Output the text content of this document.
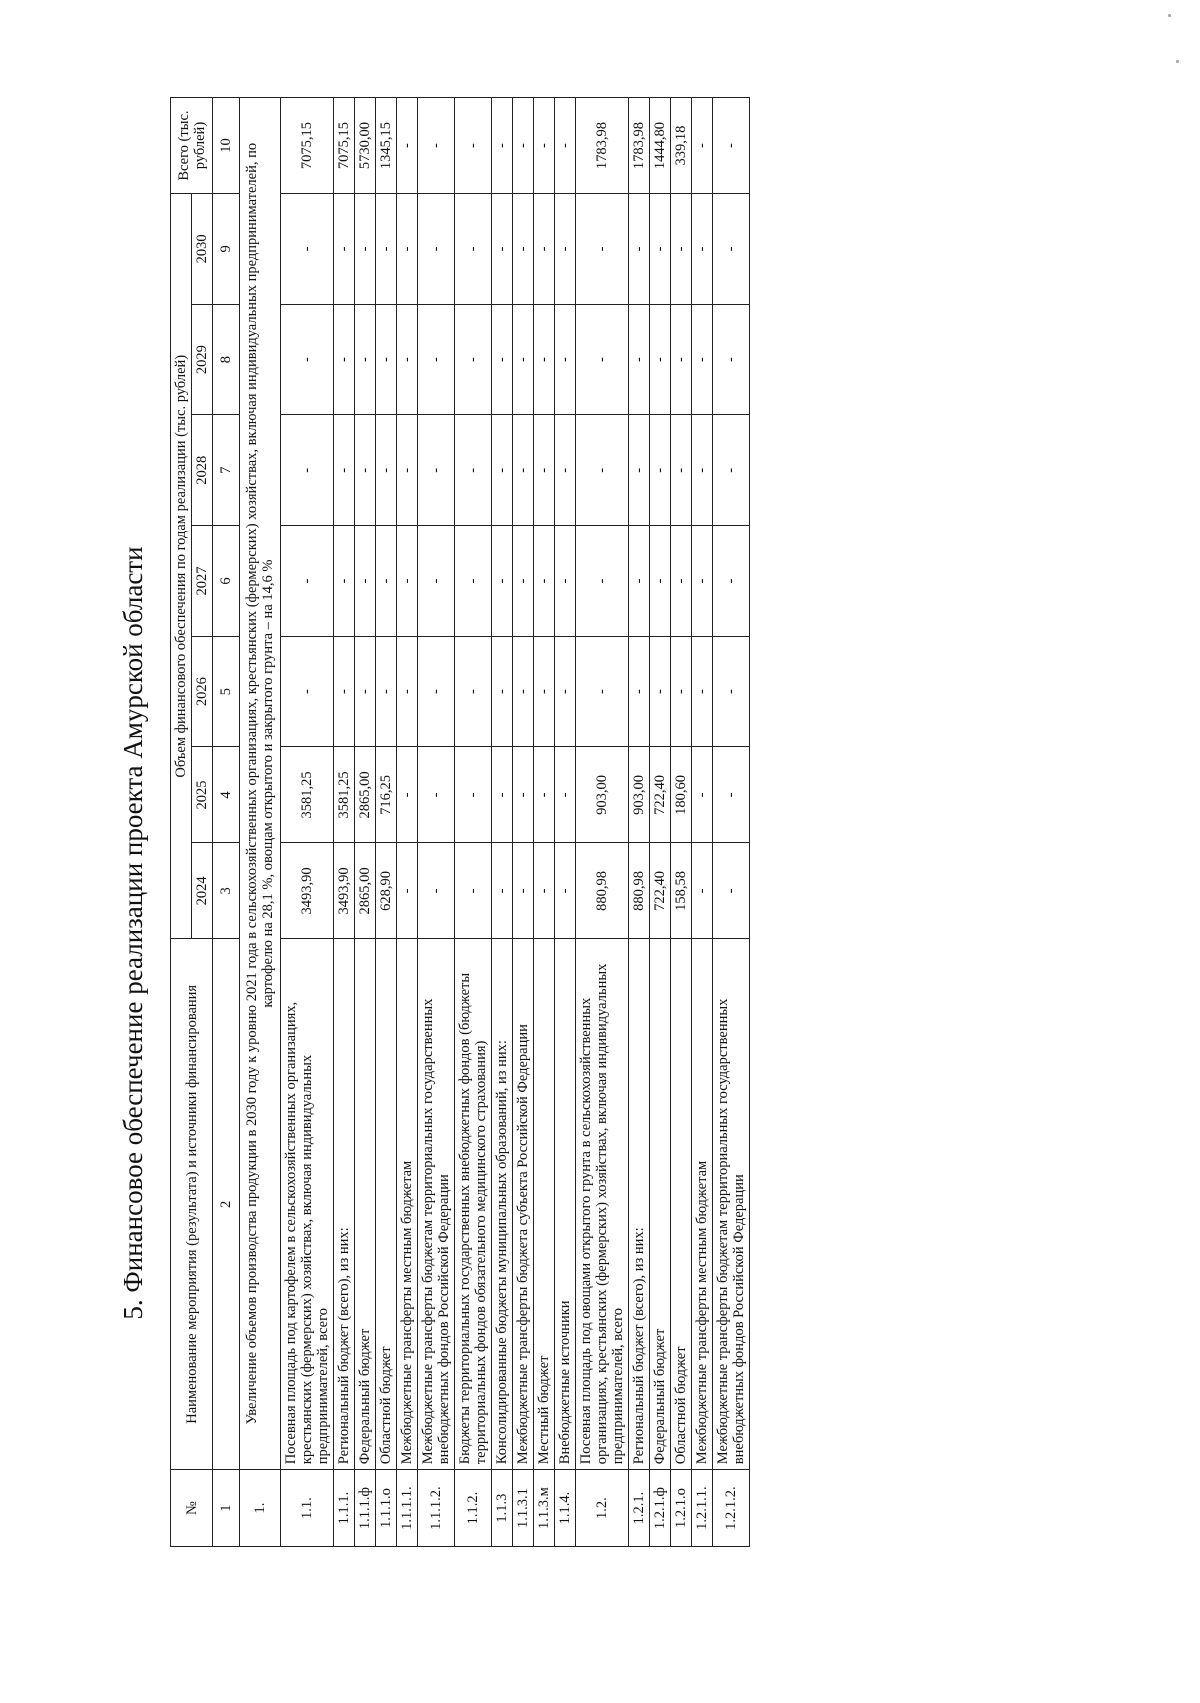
5. Финансовое обеспечение реализации проекта Амурской области
№	Наименование мероприятия (результата) и источники финансирования	Объем финансового обеспечения по годам реализации (тыс. рублей)							Всего (тыс. рублей)
		2024	2025	2026	2027	2028	2029	2030	
1	2	3	4	5	6	7	8	9	10
1.	Увеличение объемов производства продукции в 2030 году к уровню 2021 года в сельскохозяйственных организациях, крестьянских (фермерских) хозяйствах, включая индивидуальных предпринимателей, по картофелю на 28,1 %, овощам открытого и закрытого грунта – на 14,6 %								
1.1.	Посевная площадь под картофелем в сельскохозяйственных организациях, крестьянских (фермерских) хозяйствах, включая индивидуальных предпринимателей, всего	3493,90	3581,25	-	-	-	-	-	7075,15
1.1.1.	Региональный бюджет (всего), из них:	3493,90	3581,25	-	-	-	-	-	7075,15
1.1.1.ф	Федеральный бюджет	2865,00	2865,00	-	-	-	-	-	5730,00
1.1.1.о	Областной бюджет	628,90	716,25	-	-	-	-	-	1345,15
1.1.1.1.	Межбюджетные трансферты местным бюджетам	-	-	-	-	-	-	-	-
1.1.1.2.	Межбюджетные трансферты бюджетам территориальных государственных внебюджетных фондов Российской Федерации	-	-	-	-	-	-	-	-
1.1.2.	Бюджеты территориальных государственных внебюджетных фондов (бюджеты территориальных фондов обязательного медицинского страхования)	-	-	-	-	-	-	-	-
1.1.3	Консолидированные бюджеты муниципальных образований, из них:	-	-	-	-	-	-	-	-
1.1.3.1	Межбюджетные трансферты бюджета субъекта Российской Федерации	-	-	-	-	-	-	-	-
1.1.3.м	Местный бюджет	-	-	-	-	-	-	-	-
1.1.4.	Внебюджетные источники	-	-	-	-	-	-	-	-
1.2.	Посевная площадь под овощами открытого грунта в сельскохозяйственных организациях, крестьянских (фермерских) хозяйствах, включая индивидуальных предпринимателей, всего	880,98	903,00	-	-	-	-	-	1783,98
1.2.1.	Региональный бюджет (всего), из них:	880,98	903,00	-	-	-	-	-	1783,98
1.2.1.ф	Федеральный бюджет	722,40	722,40	-	-	-	-	-	1444,80
1.2.1.о	Областной бюджет	158,58	180,60	-	-	-	-	-	339,18
1.2.1.1.	Межбюджетные трансферты местным бюджетам	-	-	-	-	-	-	-	-
1.2.1.2.	Межбюджетные трансферты бюджетам территориальных государственных внебюджетных фондов Российской Федерации	-	-	-	-	-	-	-	-
